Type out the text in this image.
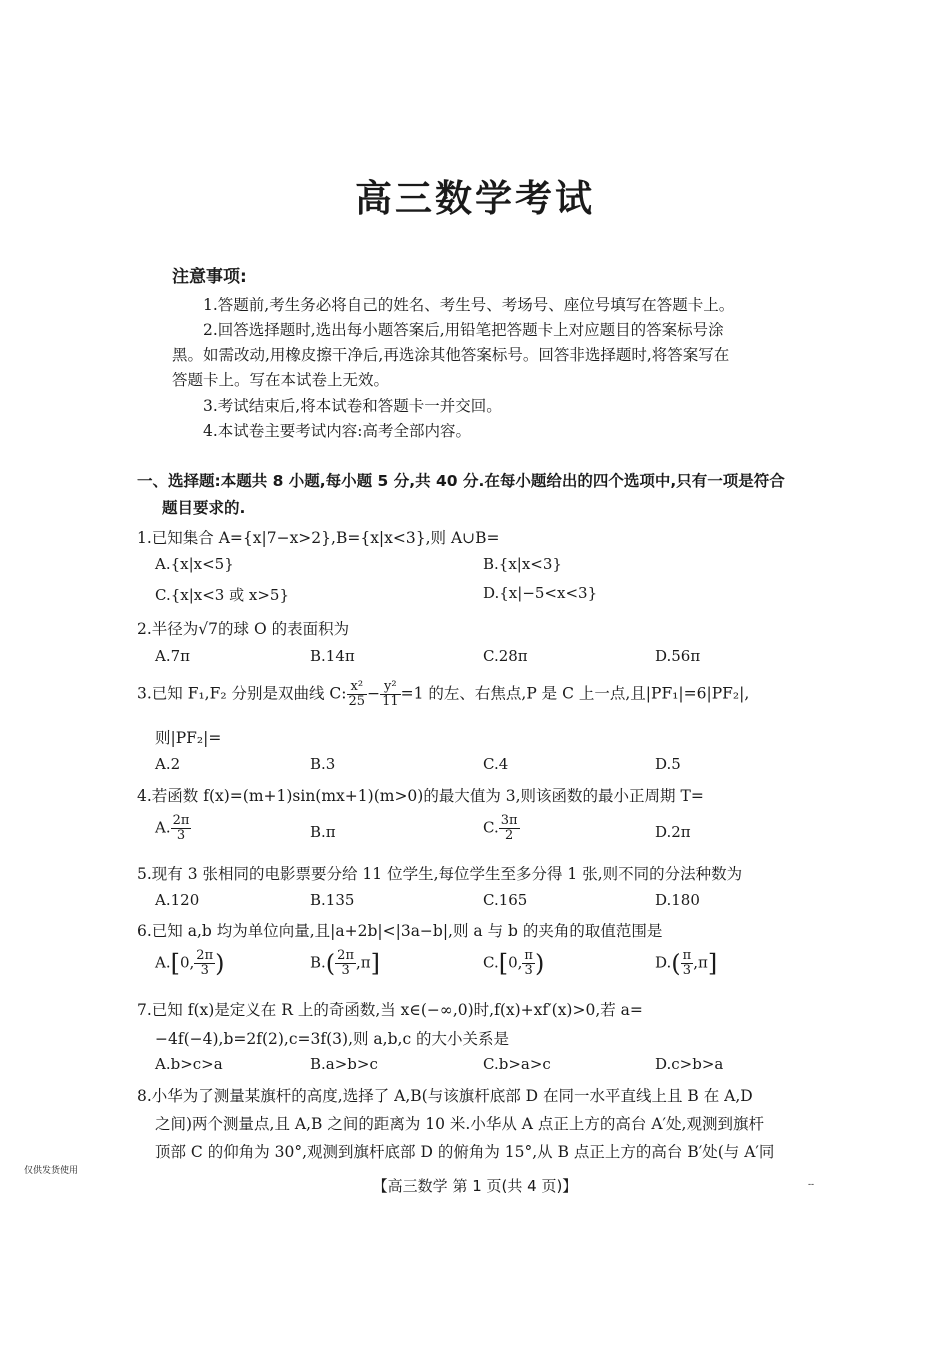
高三数学考试
注意事项:
1.答题前,考生务必将自己的姓名、考生号、考场号、座位号填写在答题卡上。
2.回答选择题时,选出每小题答案后,用铅笔把答题卡上对应题目的答案标号涂
黑。如需改动,用橡皮擦干净后,再选涂其他答案标号。回答非选择题时,将答案写在
答题卡上。写在本试卷上无效。
3.考试结束后,将本试卷和答题卡一并交回。
4.本试卷主要考试内容:高考全部内容。
一、选择题:本题共 8 小题,每小题 5 分,共 40 分.在每小题给出的四个选项中,只有一项是符合
题目要求的.
1.已知集合 A={x|7−x>2},B={x|x<3},则 A∪B=
A.{x|x<5}	B.{x|x<3}
C.{x|x<3 或 x>5}	D.{x|−5<x<3}
2.半径为√7的球 O 的表面积为
A.7π	B.14π	C.28π	D.56π
3.已知 F₁,F₂ 分别是双曲线 C: $\frac{\text{x²}}{25} - \frac{\text{y²}}{11} =1$ 的左、右焦点,P 是 C 上一点,且|PF₁|=6|PF₂|,
则|PF₂|=
A.2	B.3	C.4	D.5
4.若函数 f(x)=(m+1)sin(mx+1)(m>0)的最大值为 3,则该函数的最小正周期 T=
A. $\frac{2\pi}{3}$	B.π	C. $\frac{3\pi}{2}$	D.2π
5.现有 3 张相同的电影票要分给 11 位学生,每位学生至多分得 1 张,则不同的分法种数为
A.120	B.135	C.165	D.180
6.已知 a,b 均为单位向量,且|a+2b|<|3a−b|,则 a 与 b 的夹角的取值范围是
A.[0, $\frac{2\pi}{3}$ )	$B.( \frac{2\pi}{3} ,\pi]$	C.[0, $\frac{\pi}{3}$ )	$D.( \frac{\pi}{3} ,\pi]$
7.已知 f(x)是定义在 R 上的奇函数,当 x∈(−∞,0)时,f(x)+xf′(x)>0,若 a=
−4f(−4),b=2f(2),c=3f(3),则 a,b,c 的大小关系是
A.b>c>a	B.a>b>c	C.b>a>c	D.c>b>a
8.小华为了测量某旗杆的高度,选择了 A,B(与该旗杆底部 D 在同一水平直线上且 B 在 A,D
之间)两个测量点,且 A,B 之间的距离为 10 米.小华从 A 点正上方的高台 A′处,观测到旗杆
顶部 C 的仰角为 30°,观测到旗杆底部 D 的俯角为 15°,从 B 点正上方的高台 B′处(与 A′同
仅供发货使用
【高三数学 第 1 页(共 4 页)】	--
